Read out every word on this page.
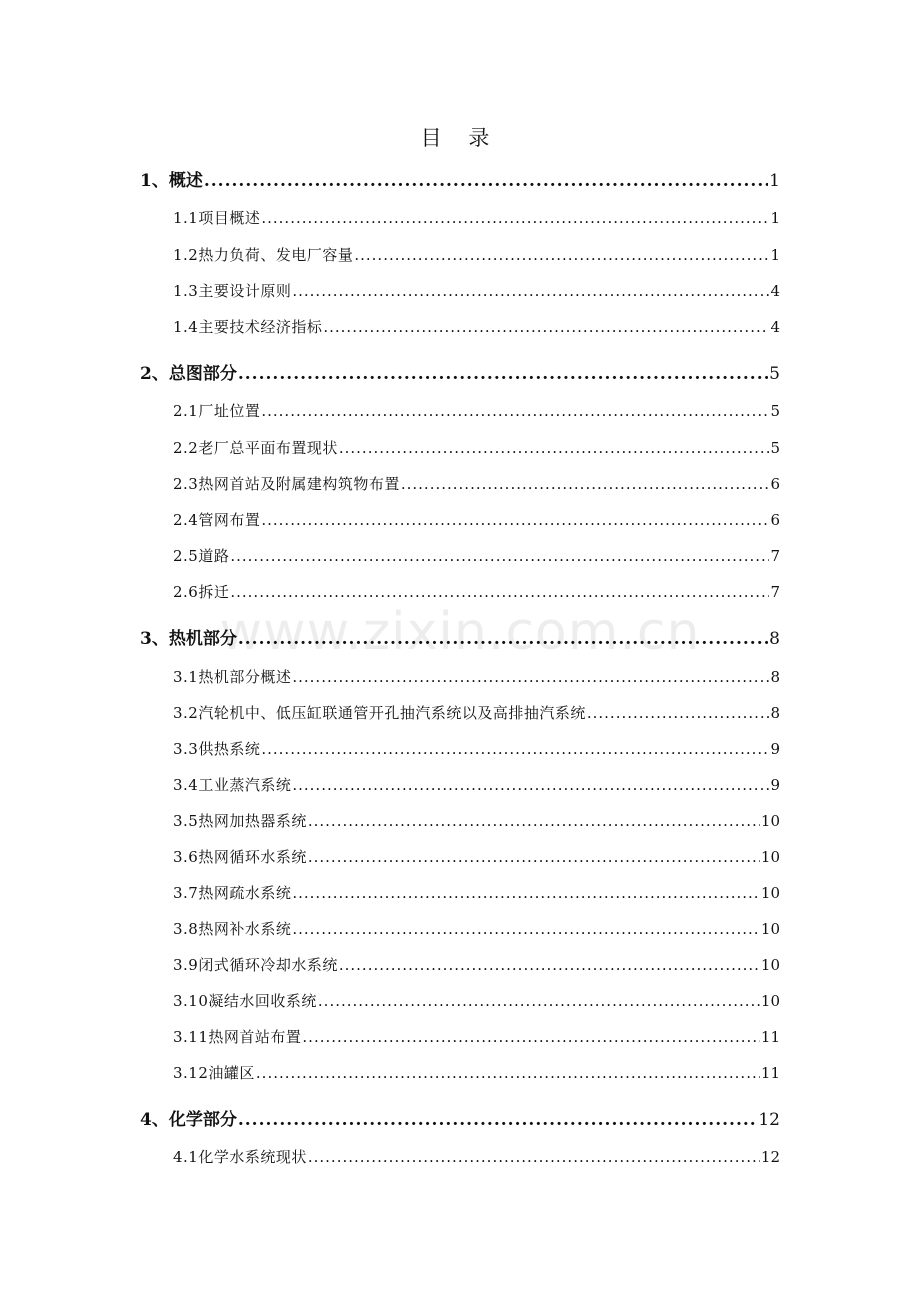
目 录
1、概述 .....	1
1.1项目概述 .....	1
1.2热力负荷、发电厂容量 .....	1
1.3主要设计原则 .....	4
1.4主要技术经济指标 .....	4
2、总图部分 .....	5
2.1厂址位置 .....	5
2.2老厂总平面布置现状 .....	5
2.3热网首站及附属建构筑物布置 .....	6
2.4管网布置 .....	6
2.5道路 .....	7
2.6拆迁 .....	7
3、热机部分 .....	8
3.1热机部分概述 .....	8
3.2汽轮机中、低压缸联通管开孔抽汽系统以及高排抽汽系统 .....	8
3.3供热系统 .....	9
3.4工业蒸汽系统 .....	9
3.5热网加热器系统 .....	10
3.6热网循环水系统 .....	10
3.7热网疏水系统 .....	10
3.8热网补水系统 .....	10
3.9闭式循环冷却水系统 .....	10
3.10凝结水回收系统 .....	10
3.11热网首站布置 .....	11
3.12油罐区 .....	11
4、化学部分 .....	12
4.1化学水系统现状 .....	12
www.zixin.com.cn
